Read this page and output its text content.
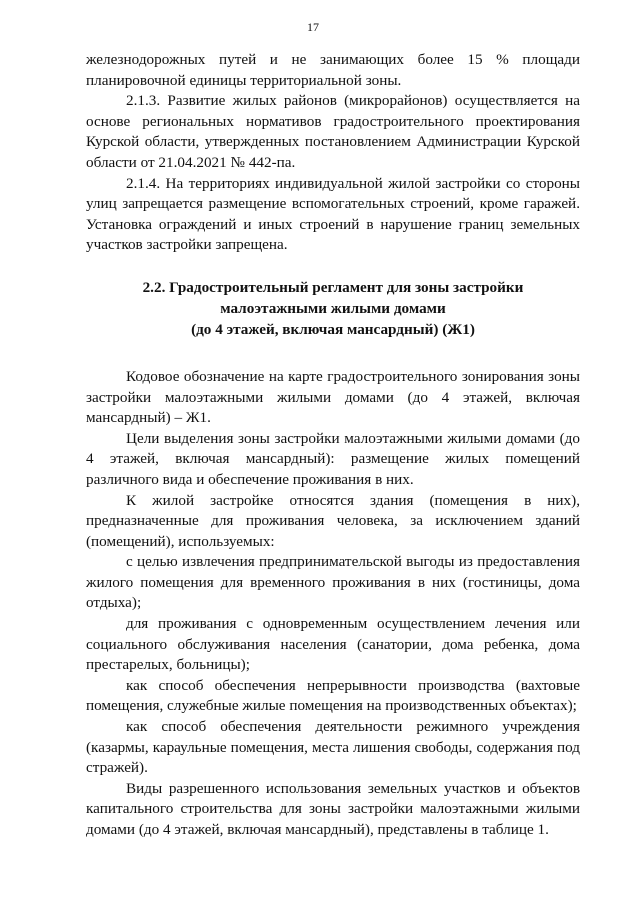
17

железнодорожных путей и не занимающих более 15 % площади планировочной единицы территориальной зоны.

2.1.3. Развитие жилых районов (микрорайонов) осуществляется на основе региональных нормативов градостроительного проектирования Курской области, утвержденных постановлением Администрации Курской области от 21.04.2021 № 442-па.

2.1.4. На территориях индивидуальной жилой застройки со стороны улиц запрещается размещение вспомогательных строений, кроме гаражей. Установка ограждений и иных строений в нарушение границ земельных участков застройки запрещена.

2.2. Градостроительный регламент для зоны застройки
малоэтажными жилыми домами
(до 4 этажей, включая мансардный) (Ж1)

Кодовое обозначение на карте градостроительного зонирования зоны застройки малоэтажными жилыми домами (до 4 этажей, включая мансардный) – Ж1.

Цели выделения зоны застройки малоэтажными жилыми домами (до 4 этажей, включая мансардный): размещение жилых помещений различного вида и обеспечение проживания в них.

К жилой застройке относятся здания (помещения в них), предназначенные для проживания человека, за исключением зданий (помещений), используемых:

с целью извлечения предпринимательской выгоды из предоставления жилого помещения для временного проживания в них (гостиницы, дома отдыха);

для проживания с одновременным осуществлением лечения или социального обслуживания населения (санатории, дома ребенка, дома престарелых, больницы);

как способ обеспечения непрерывности производства (вахтовые помещения, служебные жилые помещения на производственных объектах);

как способ обеспечения деятельности режимного учреждения (казармы, караульные помещения, места лишения свободы, содержания под стражей).

Виды разрешенного использования земельных участков и объектов капитального строительства для зоны застройки малоэтажными жилыми домами (до 4 этажей, включая мансардный), представлены в таблице 1.
